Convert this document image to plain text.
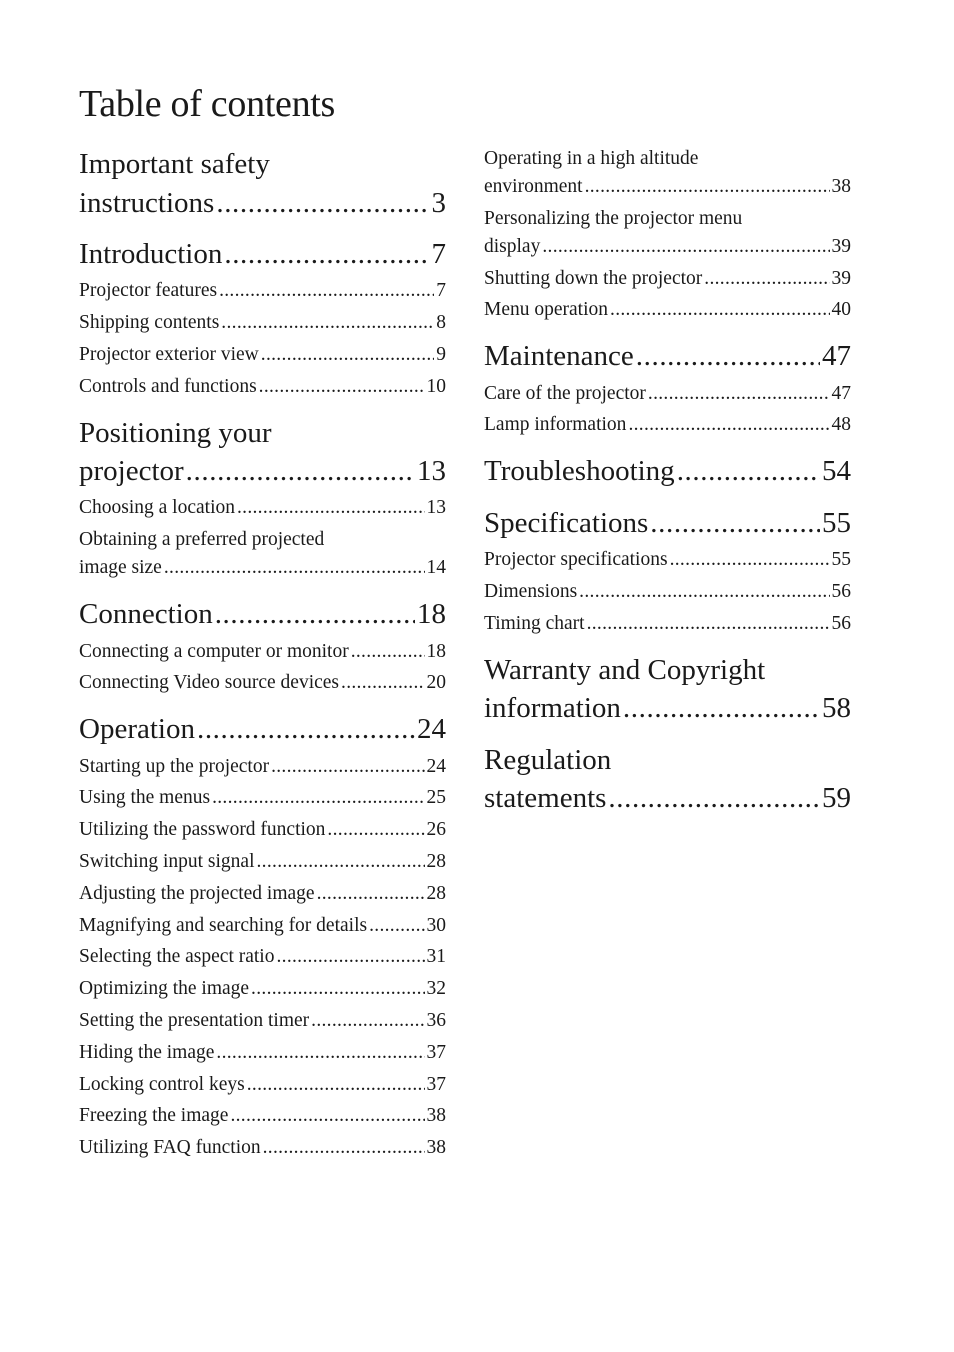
Table of contents
Important safety
instructions .....	3
Introduction .....	7
Projector features .....	7
Shipping contents .....	8
Projector exterior view .....	9
Controls and functions .....	10
Positioning your
projector .....	13
Choosing a location .....	13
Obtaining a preferred projected
image size .....	14
Connection .....	18
Connecting a computer or monitor .....	18
Connecting Video source devices .....	20
Operation .....	24
Starting up the projector .....	24
Using the menus .....	25
Utilizing the password function .....	26
Switching input signal .....	28
Adjusting the projected image .....	28
Magnifying and searching for details .....	30
Selecting the aspect ratio .....	31
Optimizing the image .....	32
Setting the presentation timer .....	36
Hiding the image .....	37
Locking control keys .....	37
Freezing the image .....	38
Utilizing FAQ function .....	38
Operating in a high altitude
environment .....	38
Personalizing the projector menu
display .....	39
Shutting down the projector .....	39
Menu operation .....	40
Maintenance .....	47
Care of the projector .....	47
Lamp information .....	48
Troubleshooting .....	54
Specifications .....	55
Projector specifications .....	55
Dimensions .....	56
Timing chart .....	56
Warranty and Copyright
information .....	58
Regulation
statements .....	59
